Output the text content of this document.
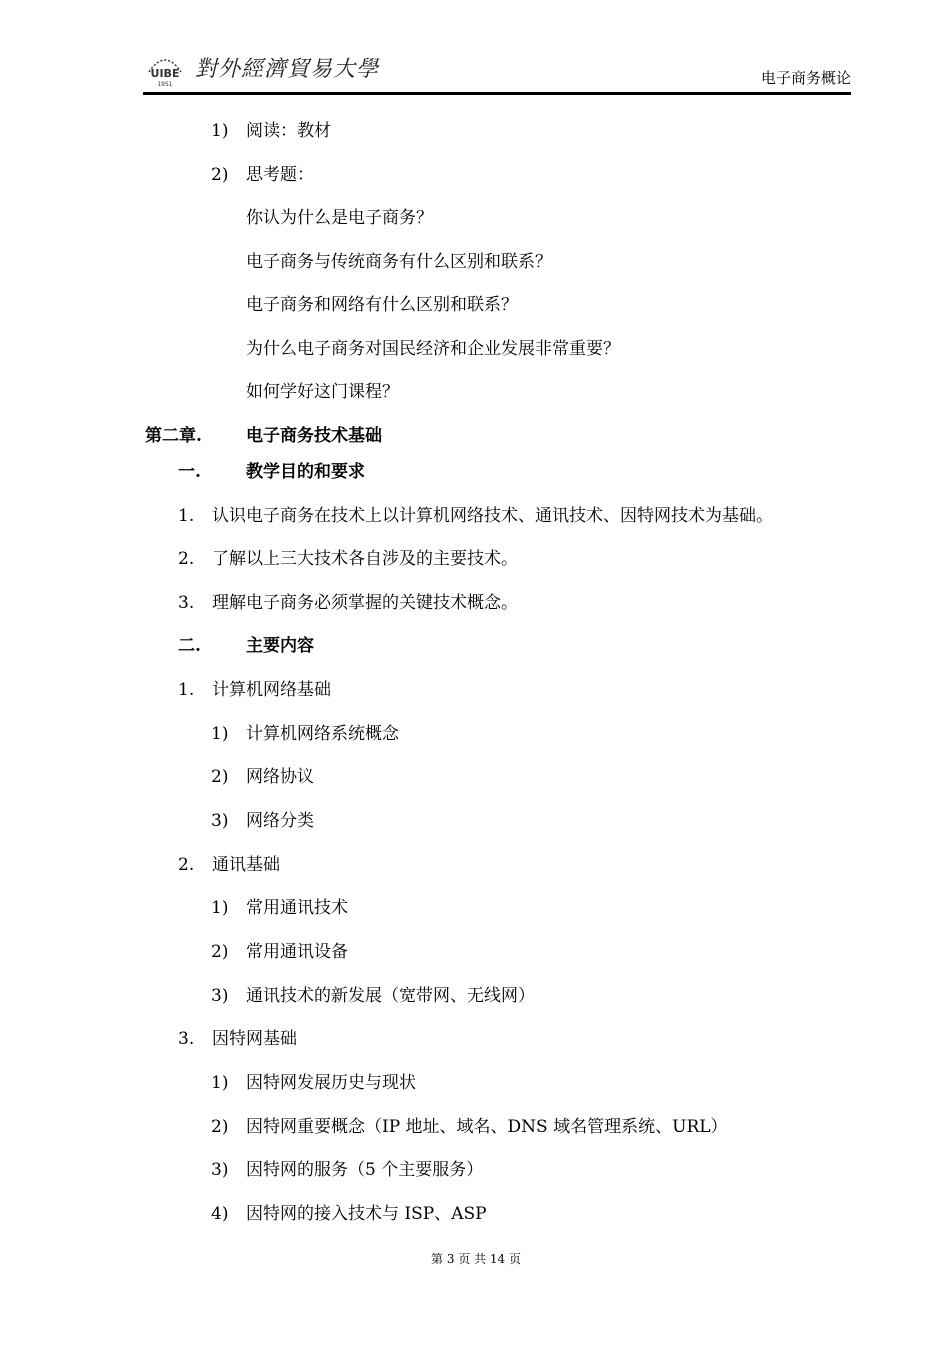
UIBE
1951
對外經濟貿易大學	电子商务概论
1) 阅读：教材
2) 思考题：
你认为什么是电子商务？
电子商务与传统商务有什么区别和联系？
电子商务和网络有什么区别和联系？
为什么电子商务对国民经济和企业发展非常重要？
如何学好这门课程？
第二章.	电子商务技术基础
一.	教学目的和要求
1. 认识电子商务在技术上以计算机网络技术、通讯技术、因特网技术为基础。
2. 了解以上三大技术各自涉及的主要技术。
3. 理解电子商务必须掌握的关键技术概念。
二.	主要内容
1. 计算机网络基础
1) 计算机网络系统概念
2) 网络协议
3) 网络分类
2. 通讯基础
1) 常用通讯技术
2) 常用通讯设备
3) 通讯技术的新发展（宽带网、无线网）
3. 因特网基础
1) 因特网发展历史与现状
2) 因特网重要概念（IP 地址、域名、DNS 域名管理系统、URL）
3) 因特网的服务（5 个主要服务）
4) 因特网的接入技术与 ISP、ASP
第 3 页 共 14 页
